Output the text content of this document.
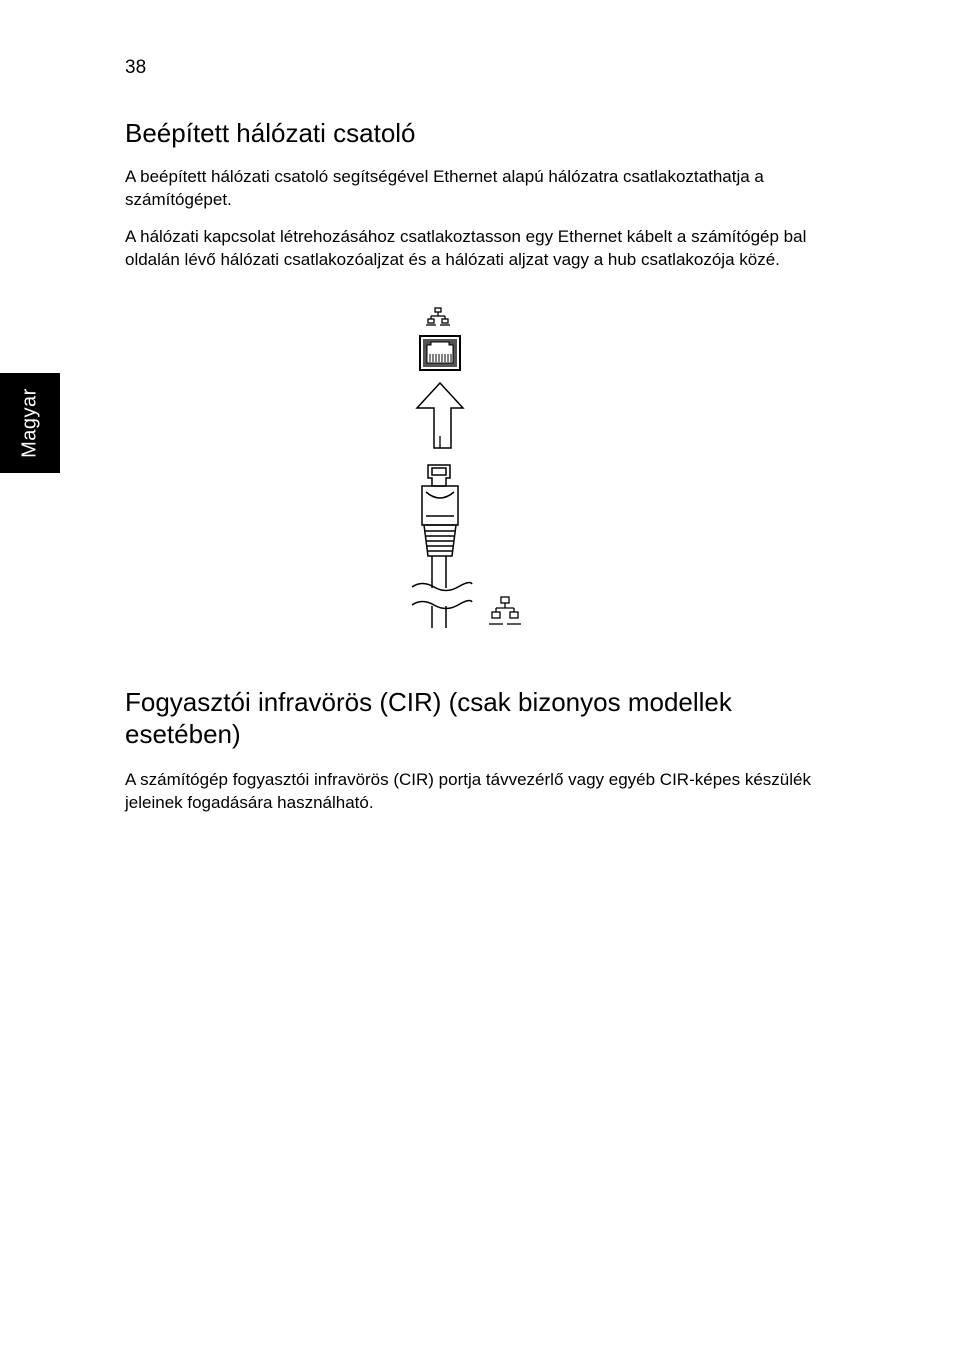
38
Magyar
Beépített hálózati csatoló

A beépített hálózati csatoló segítségével Ethernet alapú hálózatra csatlakoztathatja a számítógépet.

A hálózati kapcsolat létrehozásához csatlakoztasson egy Ethernet kábelt a számítógép bal oldalán lévő hálózati csatlakozóaljzat és a hálózati aljzat vagy a hub csatlakozója közé.

Fogyasztói infravörös (CIR) (csak bizonyos modellek esetében)

A számítógép fogyasztói infravörös (CIR) portja távvezérlő vagy egyéb CIR-képes készülék jeleinek fogadására használható.
